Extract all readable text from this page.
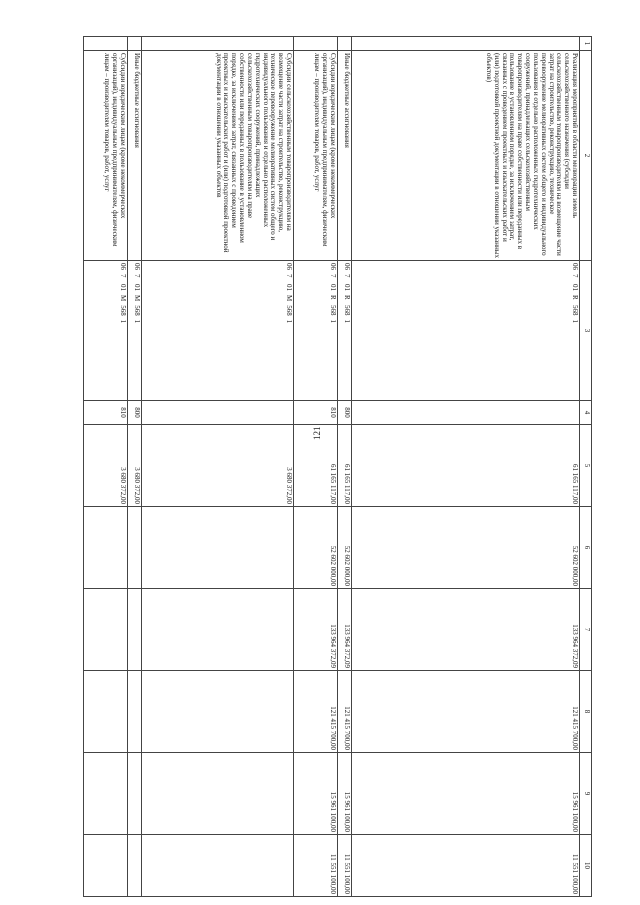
121
1	2	3	4	5	6	7	8	9	10	
	Реализация мероприятий в области мелиорации земель сельскохозяйственного назначения (субсидии сельскохозяйственным товаропроизводителям на возмещение части затрат на строительство, реконструкцию, техническое перевооружение мелиоративных систем общего и индивидуального пользования и отдельно расположенных гидротехнических сооружений, принадлежащих сельскохозяйственным товаропроизводителям на праве собственности или переданных в пользование в установленном порядке, за исключением затрат, связанных с проведением проектных и изыскательских работ и (или) подготовкой проектной документации в отношении указанных объектов)	06701R5681		61 165 117,00	52 602 000,00	133 964 372,09	121 415 700,00	15 961 100,00	11 551 100,00	
	Иные бюджетные ассигнования	06701R5681	800	61 165 117,00	52 602 000,00	133 964 372,09	121 415 700,00	15 961 100,00	11 551 100,00	
	Субсидии юридическим лицам (кроме некоммерческих организаций), индивидуальным предпринимателям, физическим лицам – производителям товаров, работ, услуг	06701R5681	810	61 165 117,00	52 602 000,00	133 964 372,09	121 415 700,00	15 961 100,00	11 551 100,00	
	Субсидии сельскохозяйственным товаропроизводителям на возмещение части затрат на строительство, реконструкцию, техническое перевооружение мелиоративных систем общего и индивидуального пользования и отдельно расположенных гидротехнических сооружений, принадлежащих сельскохозяйственным товаропроизводителям на праве собственности или переданных в пользование в установленном порядке, за исключением затрат, связанных с проведением проектных и изыскательских работ и (или) подготовкой проектной документации в отношении указанных объектов	06701М5681		3 680 372,00						
	Иные бюджетные ассигнования	06701М5681	800	3 680 372,00						
	Субсидии юридическим лицам (кроме некоммерческих организаций), индивидуальным предпринимателям, физическим лицам – производителям товаров, работ, услуг	06701М5681	810	3 680 372,00						
